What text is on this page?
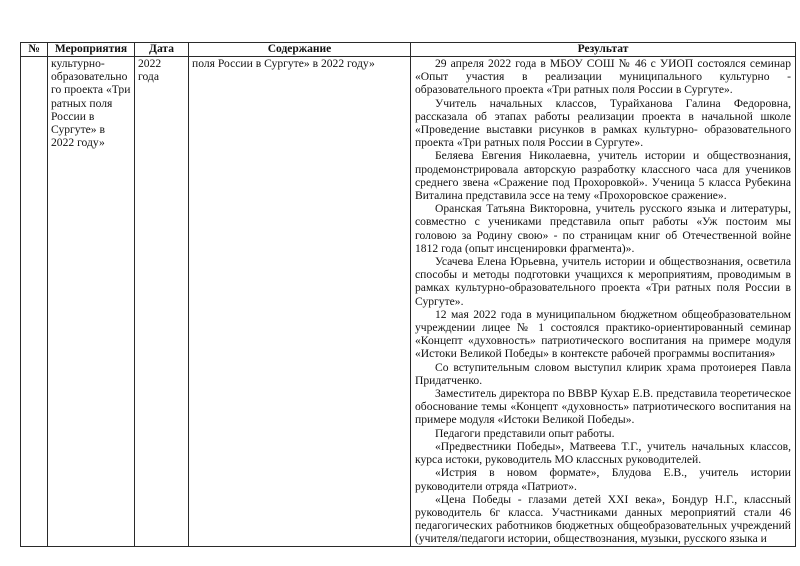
№	Мероприятия	Дата	Содержание	Результат
	культурно-образовательно го проекта «Три ратных поля России в Сургуте» в 2022 году»	2022 года	поля России в Сургуте» в 2022 году»	29 апреля 2022 года в МБОУ СОШ № 46 с УИОП состоялся семинар «Опыт участия в реализации муниципального культурно - образовательного проекта «Три ратных поля России в Сургуте».

Учитель начальных классов, Турайханова Галина Федоровна, рассказала об этапах работы реализации проекта в начальной школе «Проведение выставки рисунков в рамках культурно- образовательного проекта «Три ратных поля России в Сургуте».

Беляева Евгения Николаевна, учитель истории и обществознания, продемонстрировала авторскую разработку классного часа для учеников среднего звена «Сражение под Прохоровкой». Ученица 5 класса Рубекина Виталина представила эссе на тему «Прохоровское сражение».

Оранская Татьяна Викторовна, учитель русского языка и литературы, совместно с учениками представила опыт работы «Уж постоим мы головою за Родину свою» - по страницам книг об Отечественной войне 1812 года (опыт инсценировки фрагмента)».

Усачева Елена Юрьевна, учитель истории и обществознания, осветила способы и методы подготовки учащихся к мероприятиям, проводимым в рамках культурно-образовательного проекта «Три ратных поля России в Сургуте».

12 мая 2022 года в муниципальном бюджетном общеобразовательном учреждении лицее № 1 состоялся практико-ориентированный семинар «Концепт «духовность» патриотического воспитания на примере модуля «Истоки Великой Победы» в контексте рабочей программы воспитания»

Со вступительным словом выступил клирик храма протоиерея Павла Придатченко.

Заместитель директора по ВВВР Кухар Е.В. представила теоретическое обоснование темы «Концепт «духовность» патриотического воспитания на примере модуля «Истоки Великой Победы».

Педагоги представили опыт работы.

«Предвестники Победы», Матвеева Т.Г., учитель начальных классов, курса истоки, руководитель МО классных руководителей.

«Истрия в новом формате», Блудова Е.В., учитель истории руководители отряда «Патриот».

«Цена Победы - глазами детей XXI века», Бондур Н.Г., классный руководитель 6г класса. Участниками данных мероприятий стали 46 педагогических работников бюджетных общеобразовательных учреждений (учителя/педагоги истории, обществознания, музыки, русского языка и
